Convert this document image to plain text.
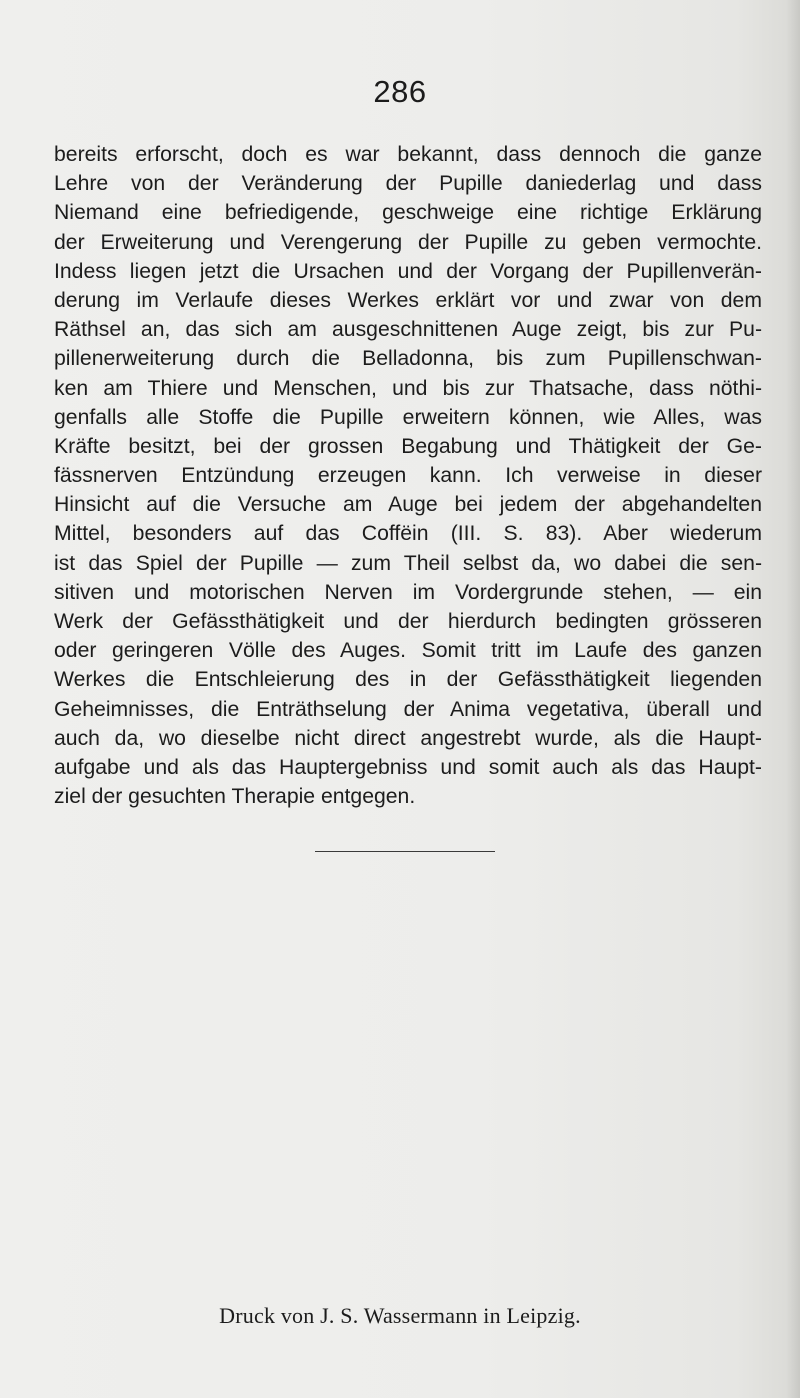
286

bereits erforscht, doch es war bekannt, dass dennoch die ganze
Lehre von der Veränderung der Pupille daniederlag und dass
Niemand eine befriedigende, geschweige eine richtige Erklärung
der Erweiterung und Verengerung der Pupille zu geben vermochte.
Indess liegen jetzt die Ursachen und der Vorgang der Pupillenverän-
derung im Verlaufe dieses Werkes erklärt vor und zwar von dem
Räthsel an, das sich am ausgeschnittenen Auge zeigt, bis zur Pu-
pillenerweiterung durch die Belladonna, bis zum Pupillenschwan-
ken am Thiere und Menschen, und bis zur Thatsache, dass nöthi-
genfalls alle Stoffe die Pupille erweitern können, wie Alles, was
Kräfte besitzt, bei der grossen Begabung und Thätigkeit der Ge-
fässnerven Entzündung erzeugen kann. Ich verweise in dieser
Hinsicht auf die Versuche am Auge bei jedem der abgehandelten
Mittel, besonders auf das Coffëin (III. S. 83). Aber wiederum
ist das Spiel der Pupille — zum Theil selbst da, wo dabei die sen-
sitiven und motorischen Nerven im Vordergrunde stehen, — ein
Werk der Gefässthätigkeit und der hierdurch bedingten grösseren
oder geringeren Völle des Auges. Somit tritt im Laufe des ganzen
Werkes die Entschleierung des in der Gefässthätigkeit liegenden
Geheimnisses, die Enträthselung der Anima vegetativa, überall und
auch da, wo dieselbe nicht direct angestrebt wurde, als die Haupt-
aufgabe und als das Hauptergebniss und somit auch als das Haupt-
ziel der gesuchten Therapie entgegen.

Druck von J. S. Wassermann in Leipzig.
